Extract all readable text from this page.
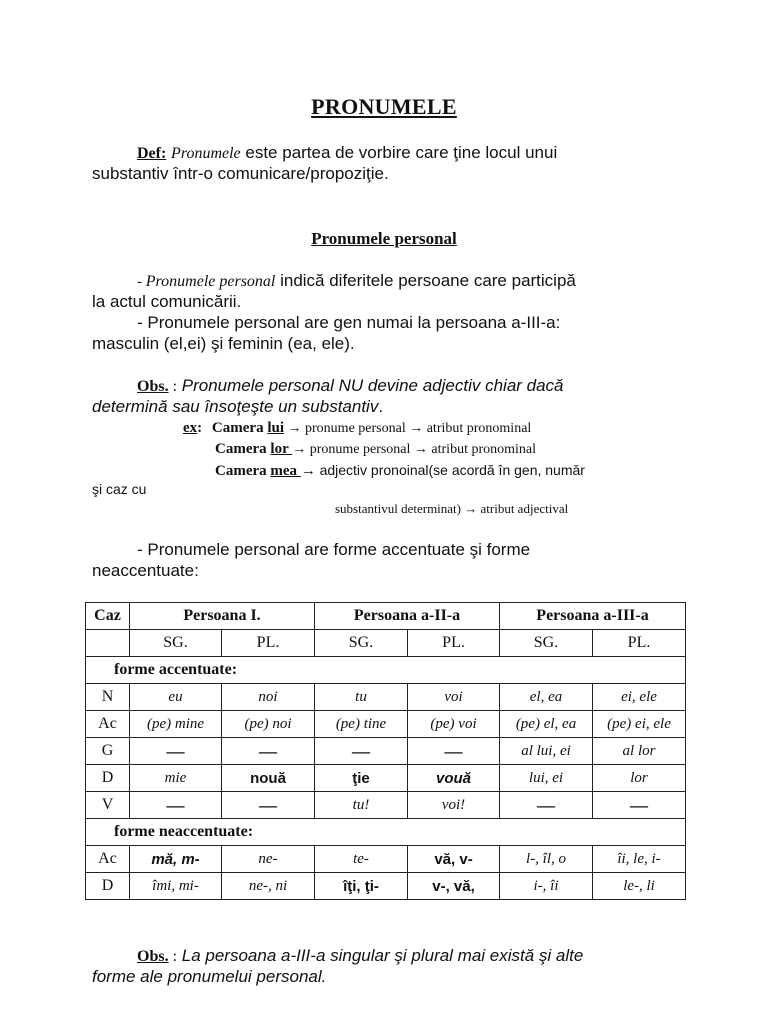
PRONUMELE
Def: Pronumele este partea de vorbire care ţine locul unui
substantiv într-o comunicare/propoziţie.
Pronumele personal
- Pronumele personal indică diferitele persoane care participă
la actul comunicării.
- Pronumele personal are gen numai la persoana a-III-a:
masculin (el,ei) şi feminin (ea, ele).
Obs. : Pronumele personal NU devine adjectiv chiar dacă
determină sau însoţeşte un substantiv.
ex: Camera lui → pronume personal → atribut pronominal
Camera lor → pronume personal → atribut pronominal
Camera mea → adjectiv pronoinal(se acordă în gen, număr
şi caz cu
substantivul determinat) → atribut adjectival
- Pronumele personal are forme accentuate şi forme
neaccentuate:
Caz	Persoana I.		Persoana a-II-a		Persoana a-III-a	
	SG.	PL.	SG.	PL.	SG.	PL.
forme accentuate:						
N	eu	noi	tu	voi	el, ea	ei, ele
Ac	(pe) mine	(pe) noi	(pe) tine	(pe) voi	(pe) el, ea	(pe) ei, ele
G	—	—	—	—	al lui, ei	al lor
D	mie	nouă	ţie	vouă	lui, ei	lor
V	—	—	tu!	voi!	—	—
forme neaccentuate:						
Ac	mă, m-	ne-	te-	vă, v-	l-, îl, o	îi, le, i-
D	îmi, mi-	ne-, ni	îţi, ţi-	v-, vă,	i-, îi	le-, li
Obs. : La persoana a-III-a singular şi plural mai există şi alte
forme ale pronumelui personal.
